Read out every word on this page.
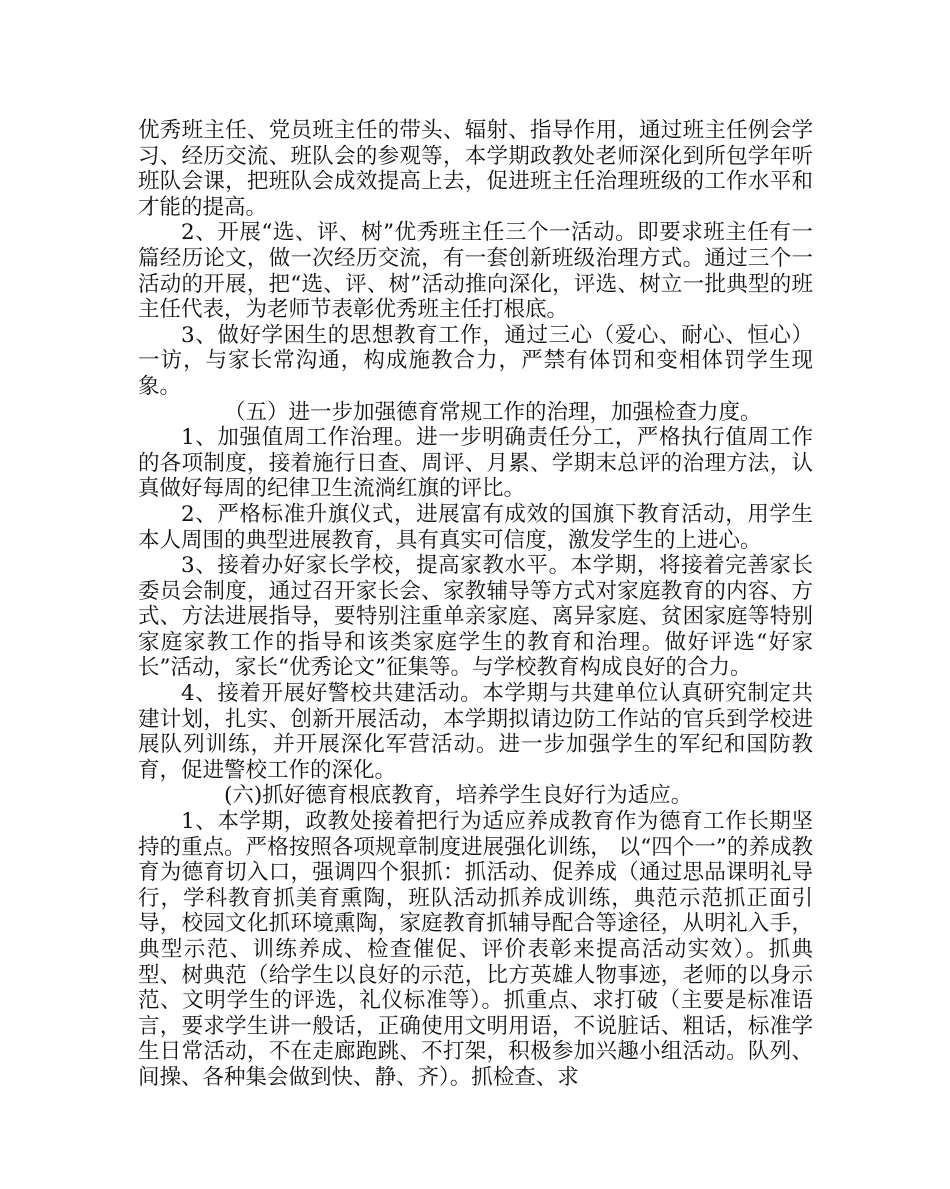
优秀班主任、党员班主任的带头、辐射、指导作用，通过班主任例会学习、经历交流、班队会的参观等，本学期政教处老师深化到所包学年听班队会课，把班队会成效提高上去，促进班主任治理班级的工作水平和才能的提高。

2、开展“选、评、树”优秀班主任三个一活动。即要求班主任有一篇经历论文，做一次经历交流，有一套创新班级治理方式。通过三个一活动的开展，把“选、评、树”活动推向深化，评选、树立一批典型的班主任代表，为老师节表彰优秀班主任打根底。

3、做好学困生的思想教育工作，通过三心（爱心、耐心、恒心）一访，与家长常沟通，构成施教合力，严禁有体罚和变相体罚学生现象。

（五）进一步加强德育常规工作的治理，加强检查力度。

1、加强值周工作治理。进一步明确责任分工，严格执行值周工作的各项制度，接着施行日查、周评、月累、学期末总评的治理方法，认真做好每周的纪律卫生流淌红旗的评比。

2、严格标准升旗仪式，进展富有成效的国旗下教育活动，用学生本人周围的典型进展教育，具有真实可信度，激发学生的上进心。

3、接着办好家长学校，提高家教水平。本学期，将接着完善家长委员会制度，通过召开家长会、家教辅导等方式对家庭教育的内容、方式、方法进展指导，要特别注重单亲家庭、离异家庭、贫困家庭等特别家庭家教工作的指导和该类家庭学生的教育和治理。做好评选“好家长”活动，家长“优秀论文”征集等。与学校教育构成良好的合力。

4、接着开展好警校共建活动。本学期与共建单位认真研究制定共建计划，扎实、创新开展活动，本学期拟请边防工作站的官兵到学校进展队列训练，并开展深化军营活动。进一步加强学生的军纪和国防教育，促进警校工作的深化。

(六)抓好德育根底教育，培养学生良好行为适应。

1、本学期，政教处接着把行为适应养成教育作为德育工作长期坚持的重点。严格按照各项规章制度进展强化训练， 以“四个一”的养成教育为德育切入口，强调四个狠抓：抓活动、促养成（通过思品课明礼导行，学科教育抓美育熏陶，班队活动抓养成训练，典范示范抓正面引导，校园文化抓环境熏陶，家庭教育抓辅导配合等途径，从明礼入手，典型示范、训练养成、检查催促、评价表彰来提高活动实效）。抓典型、树典范（给学生以良好的示范，比方英雄人物事迹，老师的以身示范、文明学生的评选，礼仪标准等）。抓重点、求打破（主要是标准语言，要求学生讲一般话，正确使用文明用语，不说脏话、粗话，标准学生日常活动，不在走廊跑跳、不打架，积极参加兴趣小组活动。队列、间操、各种集会做到快、静、齐）。抓检查、求
